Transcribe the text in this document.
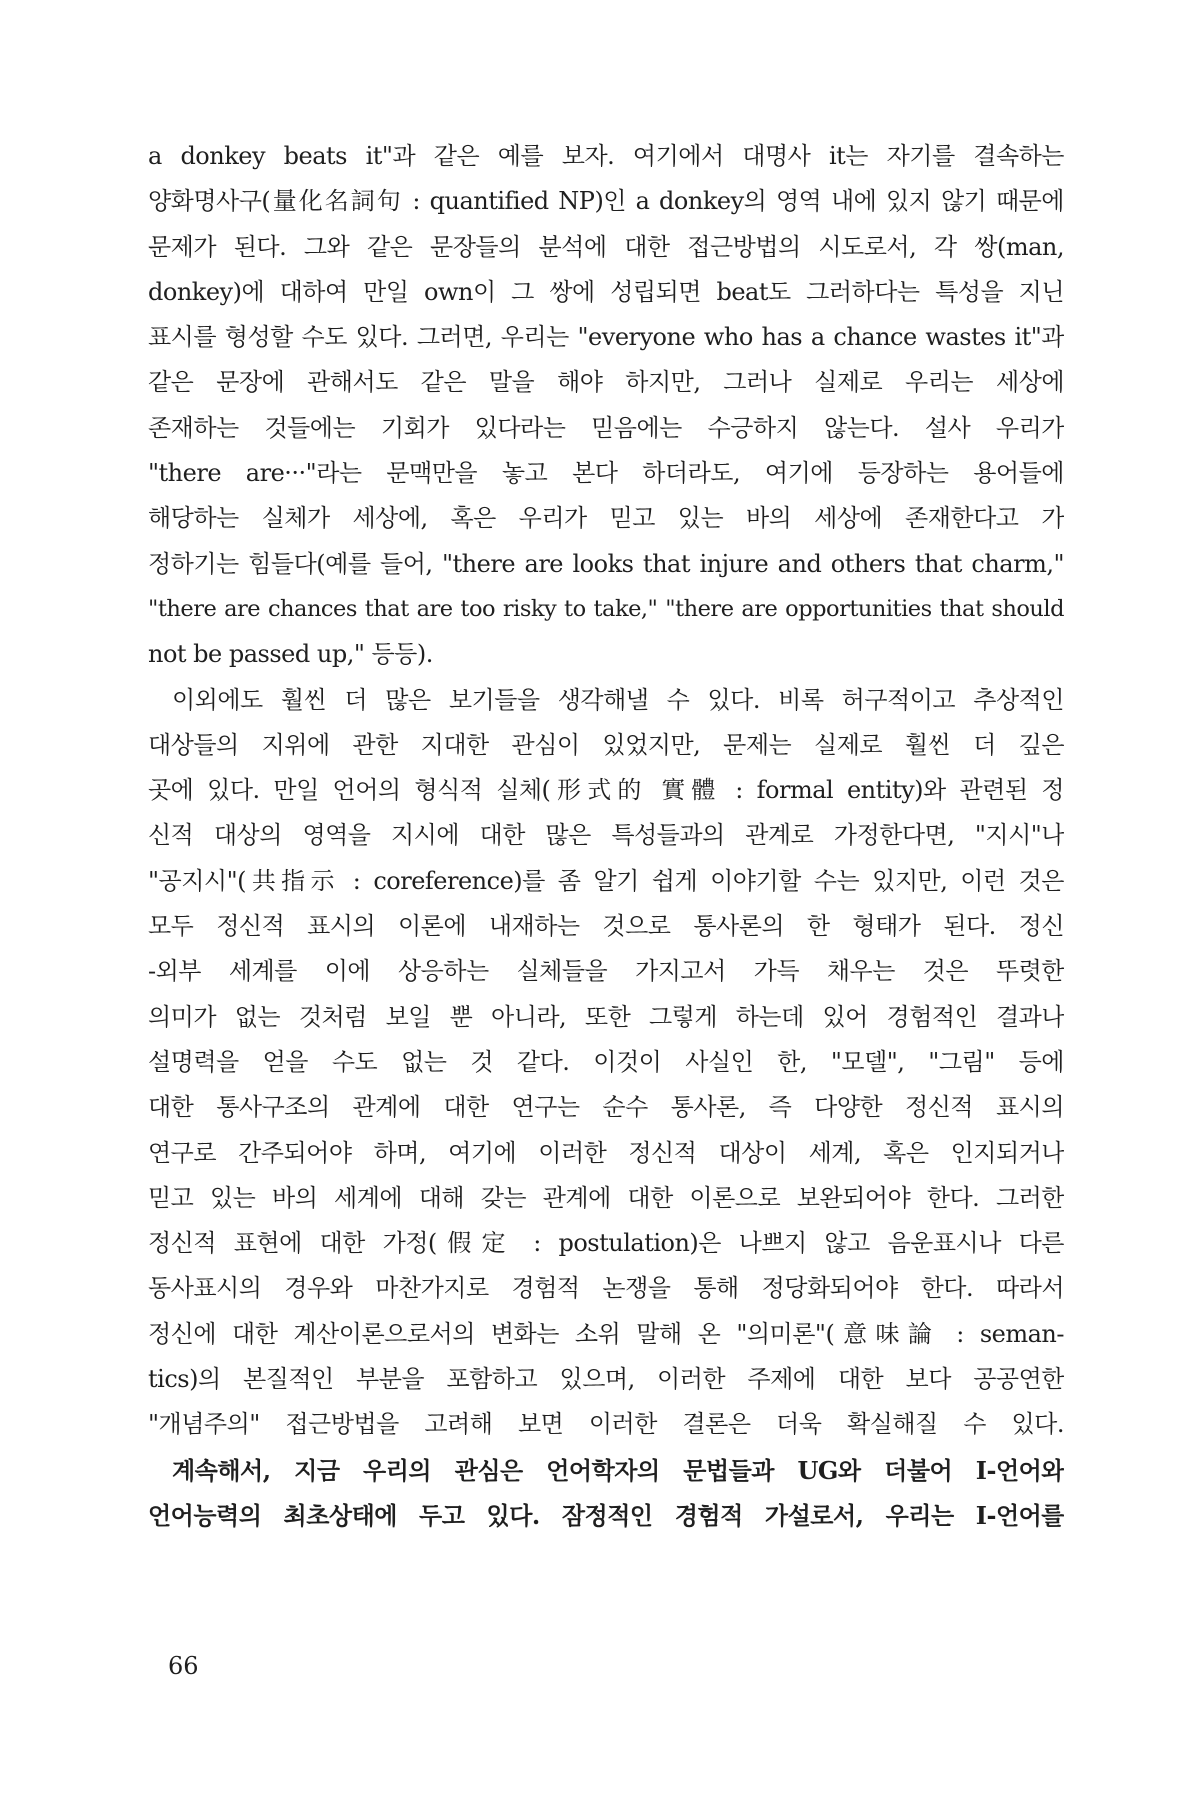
a donkey beats it"과 같은 예를 보자. 여기에서 대명사 it는 자기를 결속하는
양화명사구(量化名詞句 : quantified NP)인 a donkey의 영역 내에 있지 않기 때문에
문제가 된다. 그와 같은 문장들의 분석에 대한 접근방법의 시도로서, 각 쌍(man,
donkey)에 대하여 만일 own이 그 쌍에 성립되면 beat도 그러하다는 특성을 지닌
표시를 형성할 수도 있다. 그러면, 우리는 "everyone who has a chance wastes it"과
같은 문장에 관해서도 같은 말을 해야 하지만, 그러나 실제로 우리는 세상에
존재하는 것들에는 기회가 있다라는 믿음에는 수긍하지 않는다. 설사 우리가
"there are···"라는 문맥만을 놓고 본다 하더라도, 여기에 등장하는 용어들에
해당하는 실체가 세상에, 혹은 우리가 믿고 있는 바의 세상에 존재한다고 가
정하기는 힘들다(예를 들어, "there are looks that injure and others that charm,"
"there are chances that are too risky to take," "there are opportunities that should
not be passed up," 등등).
이외에도 훨씬 더 많은 보기들을 생각해낼 수 있다. 비록 허구적이고 추상적인
대상들의 지위에 관한 지대한 관심이 있었지만, 문제는 실제로 훨씬 더 깊은
곳에 있다. 만일 언어의 형식적 실체(形式的 實體 : formal entity)와 관련된 정
신적 대상의 영역을 지시에 대한 많은 특성들과의 관계로 가정한다면, "지시"나
"공지시"(共指示 : coreference)를 좀 알기 쉽게 이야기할 수는 있지만, 이런 것은
모두 정신적 표시의 이론에 내재하는 것으로 통사론의 한 형태가 된다. 정신
-외부 세계를 이에 상응하는 실체들을 가지고서 가득 채우는 것은 뚜렷한
의미가 없는 것처럼 보일 뿐 아니라, 또한 그렇게 하는데 있어 경험적인 결과나
설명력을 얻을 수도 없는 것 같다. 이것이 사실인 한, "모델", "그림" 등에
대한 통사구조의 관계에 대한 연구는 순수 통사론, 즉 다양한 정신적 표시의
연구로 간주되어야 하며, 여기에 이러한 정신적 대상이 세계, 혹은 인지되거나
믿고 있는 바의 세계에 대해 갖는 관계에 대한 이론으로 보완되어야 한다. 그러한
정신적 표현에 대한 가정(假定 : postulation)은 나쁘지 않고 음운표시나 다른
동사표시의 경우와 마찬가지로 경험적 논쟁을 통해 정당화되어야 한다. 따라서
정신에 대한 계산이론으로서의 변화는 소위 말해 온 "의미론"(意味論 : seman-
tics)의 본질적인 부분을 포함하고 있으며, 이러한 주제에 대한 보다 공공연한
"개념주의" 접근방법을 고려해 보면 이러한 결론은 더욱 확실해질 수 있다.
계속해서, 지금 우리의 관심은 언어학자의 문법들과 UG와 더불어 I-언어와
언어능력의 최초상태에 두고 있다. 잠정적인 경험적 가설로서, 우리는 I-언어를
66
